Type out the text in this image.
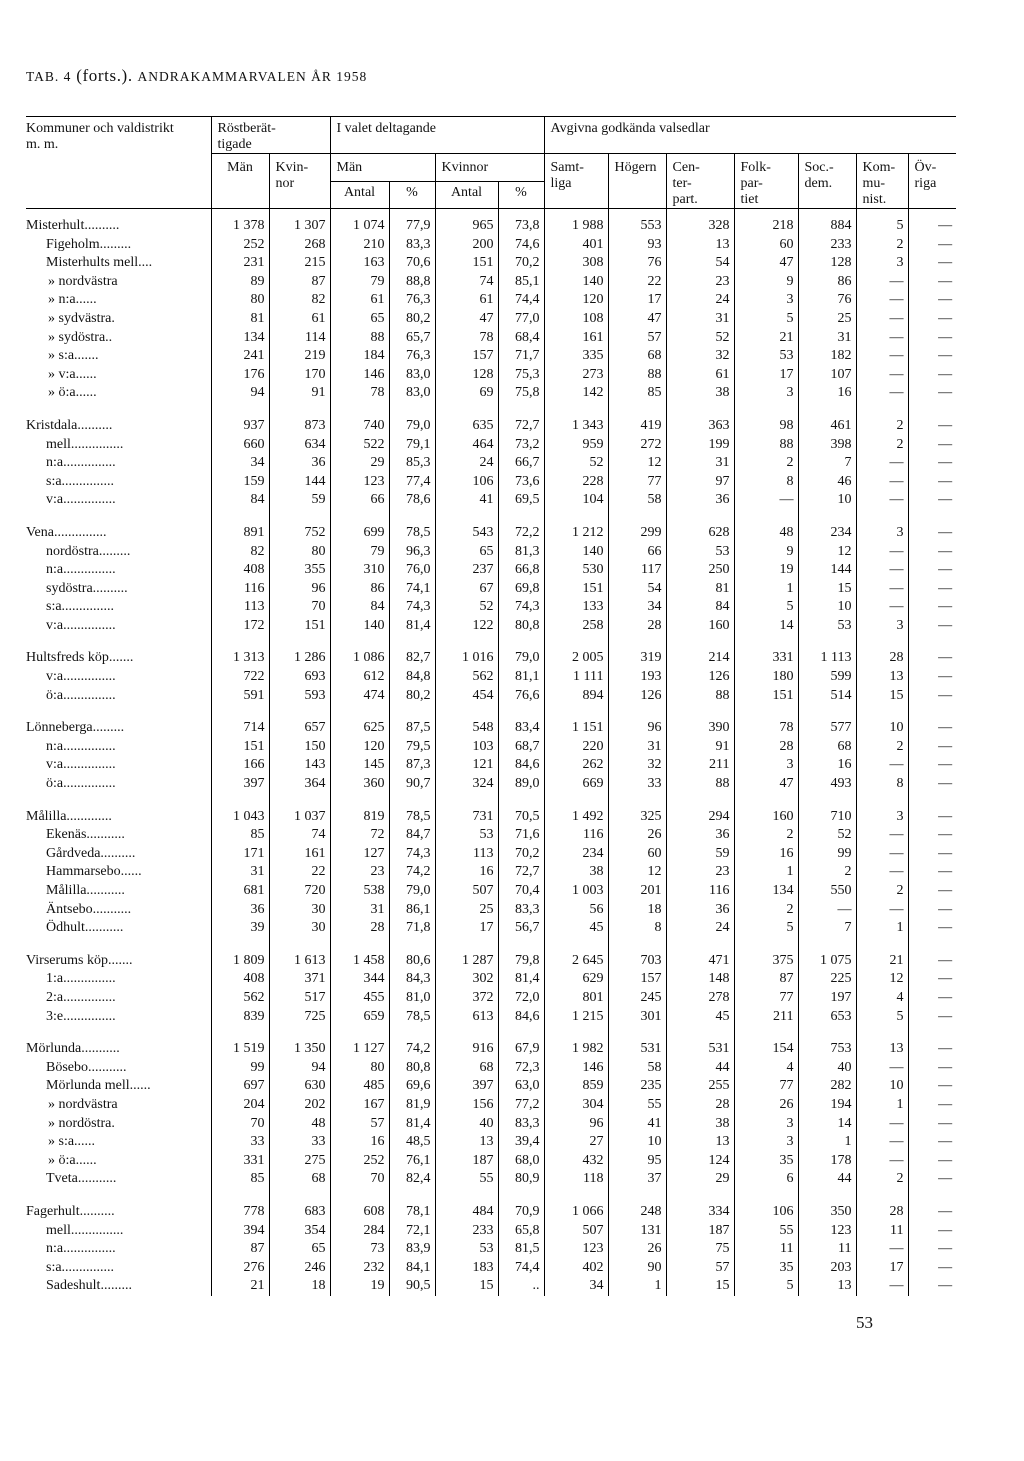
TAB. 4 (forts.). ANDRAKAMMARVALEN ÅR 1958
Kommuner och valdistrikt m. m.	Röstberät-tigade		I valet deltagande				Avgivna godkända valsedlar						
	Män	Kvin-nor	Män		Kvinnor		Samt-liga	Högern	Cen-ter-part.	Folk-par-tiet	Soc.-dem.	Kom-mu-nist.	Öv-riga
			Antal	%	Antal	%							
Misterhult..........	1 378	1 307	1 074	77,9	965	73,8	1 988	553	328	218	884	5	—
Figeholm.........	252	268	210	83,3	200	74,6	401	93	13	60	233	2	—
Misterhults mell....	231	215	163	70,6	151	70,2	308	76	54	47	128	3	—
» nordvästra	89	87	79	88,8	74	85,1	140	22	23	9	86	—	—
» n:a......	80	82	61	76,3	61	74,4	120	17	24	3	76	—	—
» sydvästra.	81	61	65	80,2	47	77,0	108	47	31	5	25	—	—
» sydöstra..	134	114	88	65,7	78	68,4	161	57	52	21	31	—	—
» s:a.......	241	219	184	76,3	157	71,7	335	68	32	53	182	—	—
» v:a......	176	170	146	83,0	128	75,3	273	88	61	17	107	—	—
» ö:a......	94	91	78	83,0	69	75,8	142	85	38	3	16	—	—

Kristdala..........	937	873	740	79,0	635	72,7	1 343	419	363	98	461	2	—
mell...............	660	634	522	79,1	464	73,2	959	272	199	88	398	2	—
n:a...............	34	36	29	85,3	24	66,7	52	12	31	2	7	—	—
s:a...............	159	144	123	77,4	106	73,6	228	77	97	8	46	—	—
v:a...............	84	59	66	78,6	41	69,5	104	58	36	—	10	—	—

Vena...............	891	752	699	78,5	543	72,2	1 212	299	628	48	234	3	—
nordöstra.........	82	80	79	96,3	65	81,3	140	66	53	9	12	—	—
n:a...............	408	355	310	76,0	237	66,8	530	117	250	19	144	—	—
sydöstra..........	116	96	86	74,1	67	69,8	151	54	81	1	15	—	—
s:a...............	113	70	84	74,3	52	74,3	133	34	84	5	10	—	—
v:a...............	172	151	140	81,4	122	80,8	258	28	160	14	53	3	—

Hultsfreds köp.......	1 313	1 286	1 086	82,7	1 016	79,0	2 005	319	214	331	1 113	28	—
v:a...............	722	693	612	84,8	562	81,1	1 111	193	126	180	599	13	—
ö:a...............	591	593	474	80,2	454	76,6	894	126	88	151	514	15	—

Lönneberga.........	714	657	625	87,5	548	83,4	1 151	96	390	78	577	10	—
n:a...............	151	150	120	79,5	103	68,7	220	31	91	28	68	2	—
v:a...............	166	143	145	87,3	121	84,6	262	32	211	3	16	—	—
ö:a...............	397	364	360	90,7	324	89,0	669	33	88	47	493	8	—

Målilla.............	1 043	1 037	819	78,5	731	70,5	1 492	325	294	160	710	3	—
Ekenäs...........	85	74	72	84,7	53	71,6	116	26	36	2	52	—	—
Gårdveda..........	171	161	127	74,3	113	70,2	234	60	59	16	99	—	—
Hammarsebo......	31	22	23	74,2	16	72,7	38	12	23	1	2	—	—
Målilla...........	681	720	538	79,0	507	70,4	1 003	201	116	134	550	2	—
Äntsebo...........	36	30	31	86,1	25	83,3	56	18	36	2	—	—	—
Ödhult...........	39	30	28	71,8	17	56,7	45	8	24	5	7	1	—

Virserums köp.......	1 809	1 613	1 458	80,6	1 287	79,8	2 645	703	471	375	1 075	21	—
1:a...............	408	371	344	84,3	302	81,4	629	157	148	87	225	12	—
2:a...............	562	517	455	81,0	372	72,0	801	245	278	77	197	4	—
3:e...............	839	725	659	78,5	613	84,6	1 215	301	45	211	653	5	—

Mörlunda...........	1 519	1 350	1 127	74,2	916	67,9	1 982	531	531	154	753	13	—
Bösebo...........	99	94	80	80,8	68	72,3	146	58	44	4	40	—	—
Mörlunda mell......	697	630	485	69,6	397	63,0	859	235	255	77	282	10	—
» nordvästra	204	202	167	81,9	156	77,2	304	55	28	26	194	1	—
» nordöstra.	70	48	57	81,4	40	83,3	96	41	38	3	14	—	—
» s:a......	33	33	16	48,5	13	39,4	27	10	13	3	1	—	—
» ö:a......	331	275	252	76,1	187	68,0	432	95	124	35	178	—	—
Tveta...........	85	68	70	82,4	55	80,9	118	37	29	6	44	2	—

Fagerhult..........	778	683	608	78,1	484	70,9	1 066	248	334	106	350	28	—
mell...............	394	354	284	72,1	233	65,8	507	131	187	55	123	11	—
n:a...............	87	65	73	83,9	53	81,5	123	26	75	11	11	—	—
s:a...............	276	246	232	84,1	183	74,4	402	90	57	35	203	17	—
Sadeshult.........	21	18	19	90,5	15	..	34	1	15	5	13	—	—
53
